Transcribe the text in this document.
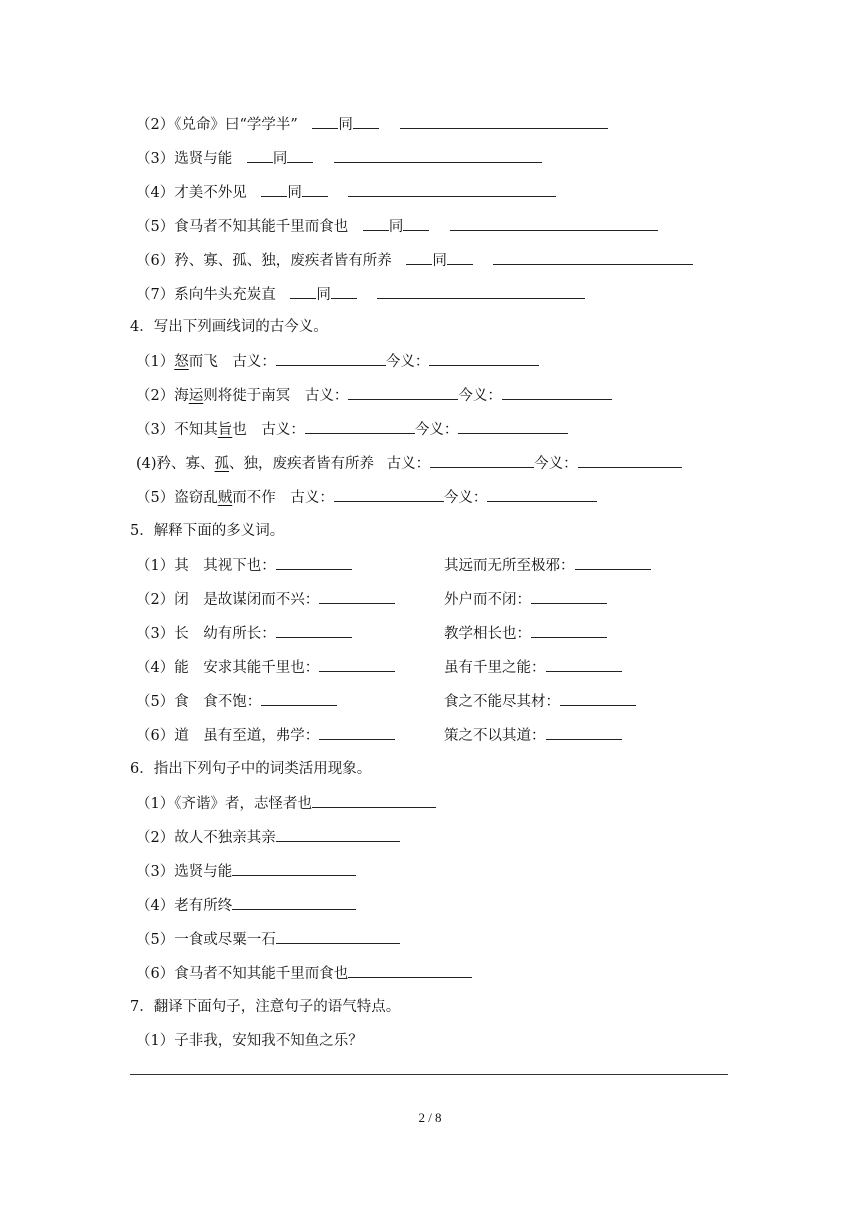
（2）《兑命》曰“学学半”	同
（3）选贤与能	同
（4）才美不外见	同
（5）食马者不知其能千里而食也	同
（6）矜、寡、孤、独，废疾者皆有所养	同
（7）系向牛头充炭直	同
4．写出下列画线词的古今义。
（1）怒而飞 古义：	今义：
（2）海运则将徙于南冥 古义：	今义：
（3）不知其旨也 古义：	今义：
(4)矜、寡、孤、独，废疾者皆有所养 古义：	今义：
（5）盗窃乱贼而不作 古义：	今义：
5．解释下面的多义词。
（1）其　其视下也：	其远而无所至极邪：
（2）闭　是故谋闭而不兴：	外户而不闭：
（3）长　幼有所长：	教学相长也：
（4）能　安求其能千里也：	虽有千里之能：
（5）食　食不饱：	食之不能尽其材：
（6）道　虽有至道，弗学：	策之不以其道：
6．指出下列句子中的词类活用现象。
（1）《齐谐》者，志怪者也
（2）故人不独亲其亲
（3）选贤与能
（4）老有所终
（5）一食或尽粟一石
（6）食马者不知其能千里而食也
7．翻译下面句子，注意句子的语气特点。
（1）子非我，安知我不知鱼之乐？
2 / 8
